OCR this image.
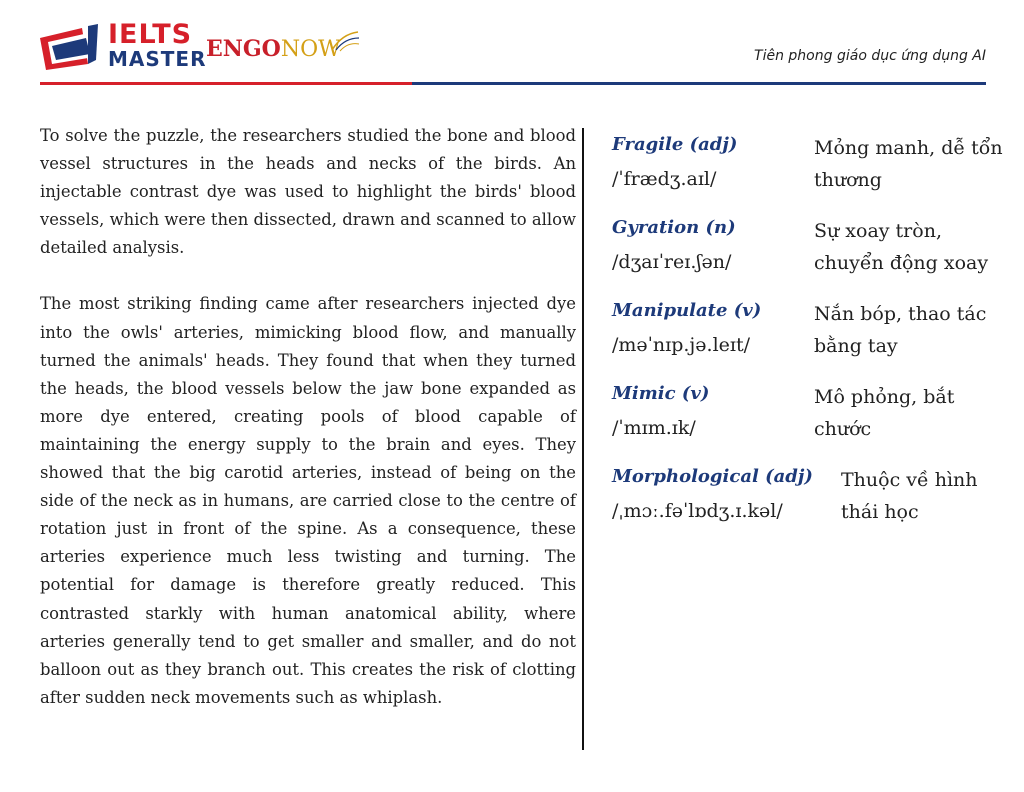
IELTS
MASTER ENGONOW	Tiên phong giáo dục ứng dụng AI

To solve the puzzle, the researchers studied the bone and blood vessel structures in the heads and necks of the birds. An injectable contrast dye was used to highlight the birds' blood vessels, which were then dissected, drawn and scanned to allow detailed analysis.

The most striking finding came after researchers injected dye into the owls' arteries, mimicking blood flow, and manually turned the animals' heads. They found that when they turned the heads, the blood vessels below the jaw bone expanded as more dye entered, creating pools of blood capable of maintaining the energy supply to the brain and eyes. They showed that the big carotid arteries, instead of being on the side of the neck as in humans, are carried close to the centre of rotation just in front of the spine. As a consequence, these arteries experience much less twisting and turning. The potential for damage is therefore greatly reduced. This contrasted starkly with human anatomical ability, where arteries generally tend to get smaller and smaller, and do not balloon out as they branch out. This creates the risk of clotting after sudden neck movements such as whiplash.

Fragile (adj)
/ˈfrædʒ.aɪl/
Mỏng manh, dễ tổn thương
Gyration (n)
/dʒaɪˈreɪ.ʃən/
Sự xoay tròn, chuyển động xoay
Manipulate (v)
/məˈnɪp.jə.leɪt/
Nắn bóp, thao tác bằng tay
Mimic (v)
/ˈmɪm.ɪk/
Mô phỏng, bắt chước
Morphological (adj)
/ˌmɔː.fəˈlɒdʒ.ɪ.kəl/
Thuộc về hình thái học
